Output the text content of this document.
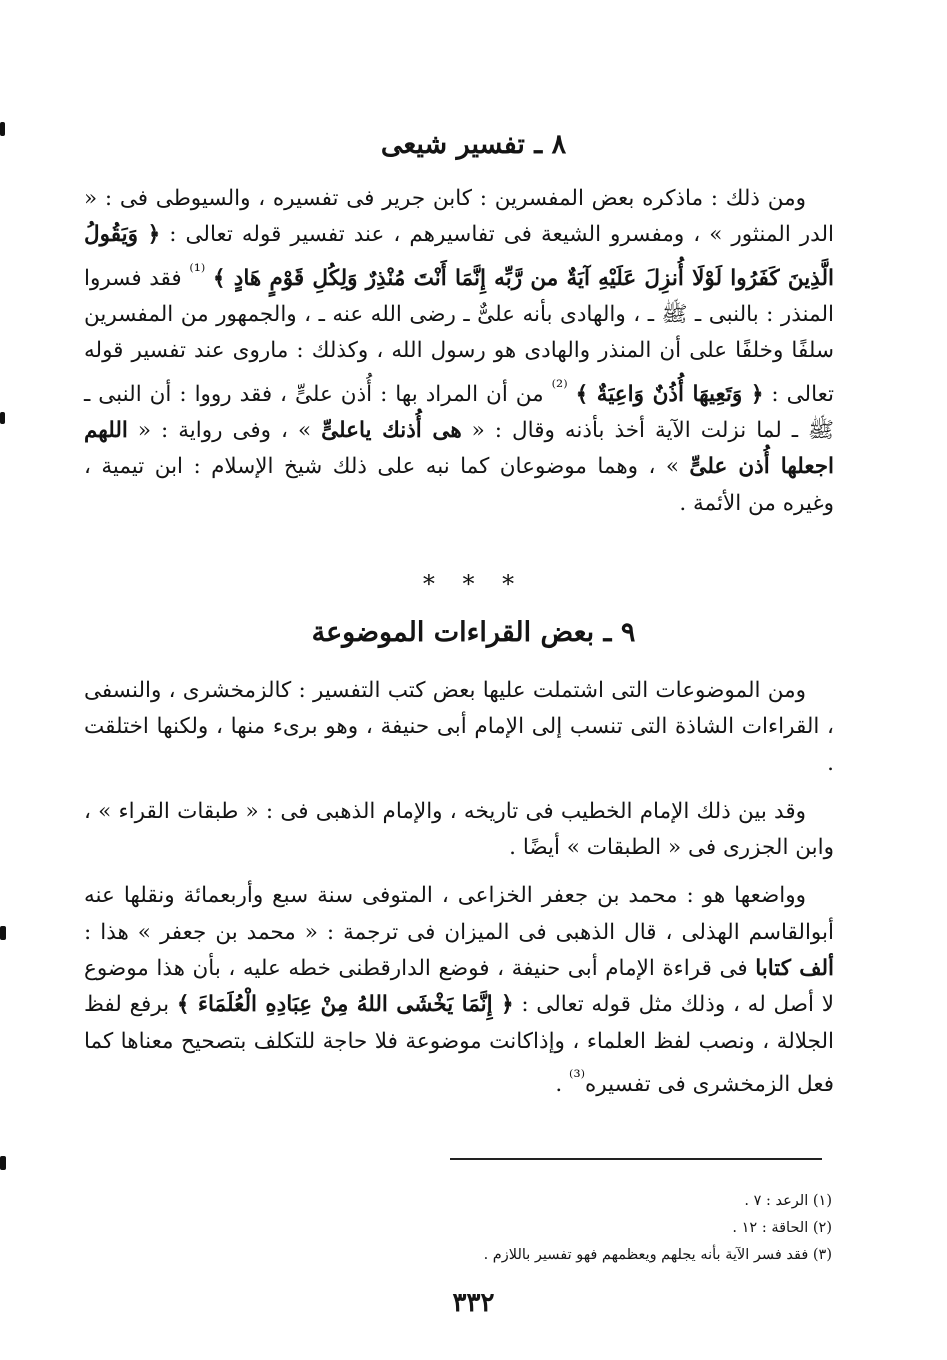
٨ ـ تفسير شيعى

ومن ذلك : ماذكره بعض المفسرين : كابن جرير فى تفسيره ، والسيوطى فى : « الدر المنثور » ، ومفسرو الشيعة فى تفاسيرهم ، عند تفسير قوله تعالى : ﴿ وَيَقُولُ الَّذِينَ كَفَرُوا لَوْلَا أُنزِلَ عَلَيْهِ آيَةٌ من رَّبِّه إِنَّمَا أَنْتَ مُنْذِرٌ وَلِكُلِ قَوْمٍ هَادٍ ﴾ $^{^{(1)}}$ فقد فسروا المنذر : بالنبى ـ ﷺ ـ ، والهادى بأنه علىٌّ ـ رضى الله عنه ـ ، والجمهور من المفسرين سلفًا وخلفًا على أن المنذر والهادى هو رسول الله ، وكذلك : ماروى عند تفسير قوله تعالى : ﴿ وَتَعِيهَا أُذُنٌ وَاعِيَةٌ ﴾ $^{^{(2)}}$ من أن المراد بها : أُذن علىٍّ ، فقد رووا : أن النبى ـ ﷺ ـ لما نزلت الآية أخذ بأذنه وقال : « هى أُذنك ياعلىٍّ » ، وفى رواية : « اللهم اجعلها أُذن علىٍّ » ، وهما موضوعان كما نبه على ذلك شيخ الإسلام : ابن تيمية ، وغيره من الأئمة .

* * *
٩ ـ بعض القراءات الموضوعة

ومن الموضوعات التى اشتملت عليها بعض كتب التفسير : كالزمخشرى ، والنسفى ، القراءات الشاذة التى تنسب إلى الإمام أبى حنيفة ، وهو برىء منها ، ولكنها اختلقت .

وقد بين ذلك الإمام الخطيب فى تاريخه ، والإمام الذهبى فى : « طبقات القراء » ، وابن الجزرى فى « الطبقات » أيضًا .

وواضعها هو : محمد بن جعفر الخزاعى ، المتوفى سنة سبع وأربعمائة ونقلها عنه أبوالقاسم الهذلى ، قال الذهبى فى الميزان فى ترجمة : « محمد بن جعفر » هذا : ألف كتابا فى قراءة الإمام أبى حنيفة ، فوضع الدارقطنى خطه عليه ، بأن هذا موضوع لا أصل له ، وذلك مثل قوله تعالى : ﴿ إِنَّمَا يَخْشَى اللهُ مِنْ عِبَادِهِ الْعُلَمَاءَ ﴾ برفع لفظ الجلالة ، ونصب لفظ العلماء ، وإذاكانت موضوعة فلا حاجة للتكلف بتصحيح معناها كما فعل الزمخشرى فى تفسيره$^{^{(3)}}$ .

(١) الرعد : ٧ .
(٢) الحاقة : ١٢ .
(٣) فقد فسر الآية بأنه يجلهم ويعظمهم فهو تفسير باللازم .
٣٣٢
